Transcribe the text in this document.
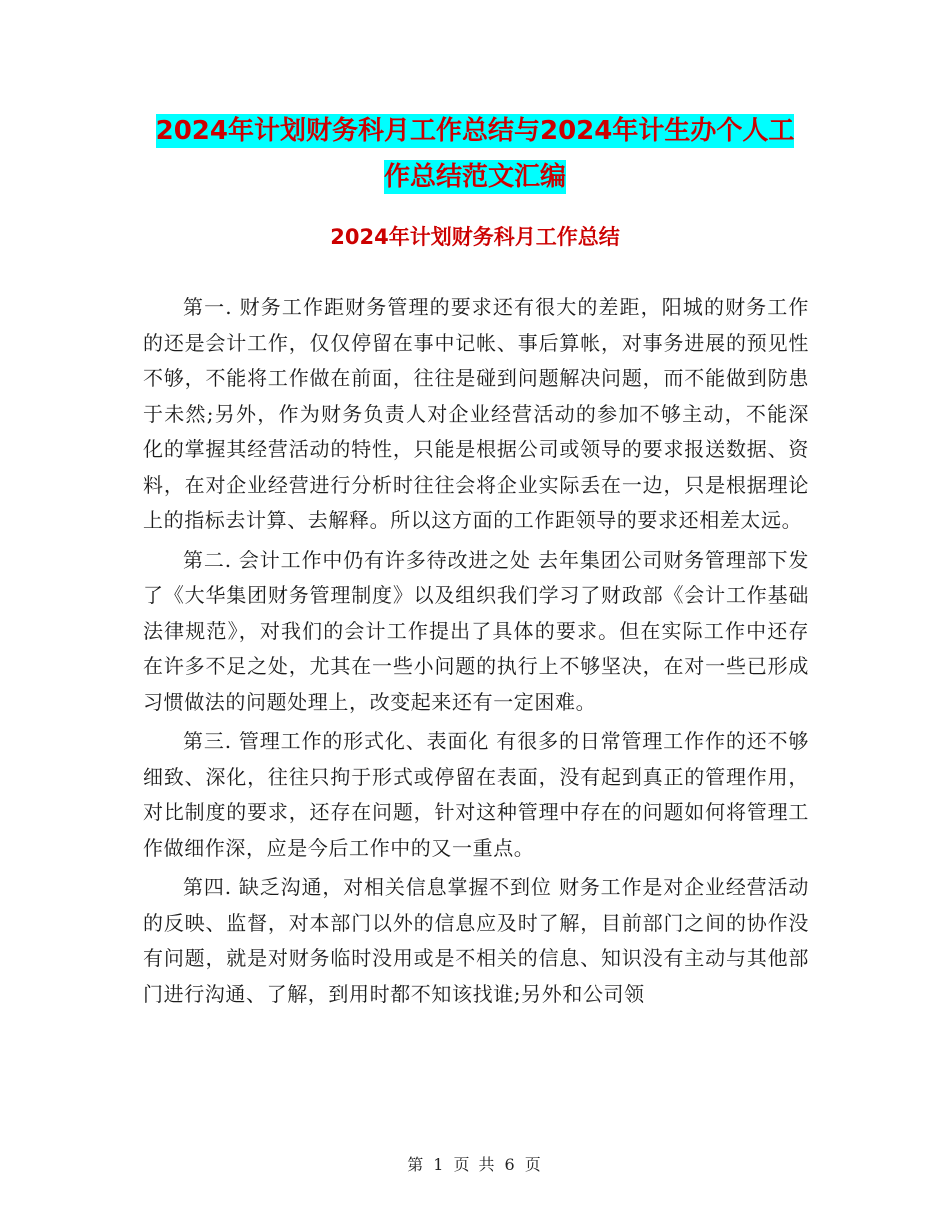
2024年计划财务科月工作总结与2024年计生办个人工
作总结范文汇编
2024年计划财务科月工作总结

第一. 财务工作距财务管理的要求还有很大的差距，阳城的财务工作的还是会计工作，仅仅停留在事中记帐、事后算帐，对事务进展的预见性不够，不能将工作做在前面，往往是碰到问题解决问题，而不能做到防患于未然;另外，作为财务负责人对企业经营活动的参加不够主动，不能深化的掌握其经营活动的特性，只能是根据公司或领导的要求报送数据、资料，在对企业经营进行分析时往往会将企业实际丢在一边，只是根据理论上的指标去计算、去解释。所以这方面的工作距领导的要求还相差太远。

第二. 会计工作中仍有许多待改进之处 去年集团公司财务管理部下发了《大华集团财务管理制度》以及组织我们学习了财政部《会计工作基础法律规范》，对我们的会计工作提出了具体的要求。但在实际工作中还存在许多不足之处，尤其在一些小问题的执行上不够坚决，在对一些已形成习惯做法的问题处理上，改变起来还有一定困难。

第三. 管理工作的形式化、表面化 有很多的日常管理工作作的还不够细致、深化，往往只拘于形式或停留在表面，没有起到真正的管理作用，对比制度的要求，还存在问题，针对这种管理中存在的问题如何将管理工作做细作深，应是今后工作中的又一重点。

第四. 缺乏沟通，对相关信息掌握不到位 财务工作是对企业经营活动的反映、监督，对本部门以外的信息应及时了解，目前部门之间的协作没有问题，就是对财务临时没用或是不相关的信息、知识没有主动与其他部门进行沟通、了解，到用时都不知该找谁;另外和公司领

第 1 页 共 6 页
